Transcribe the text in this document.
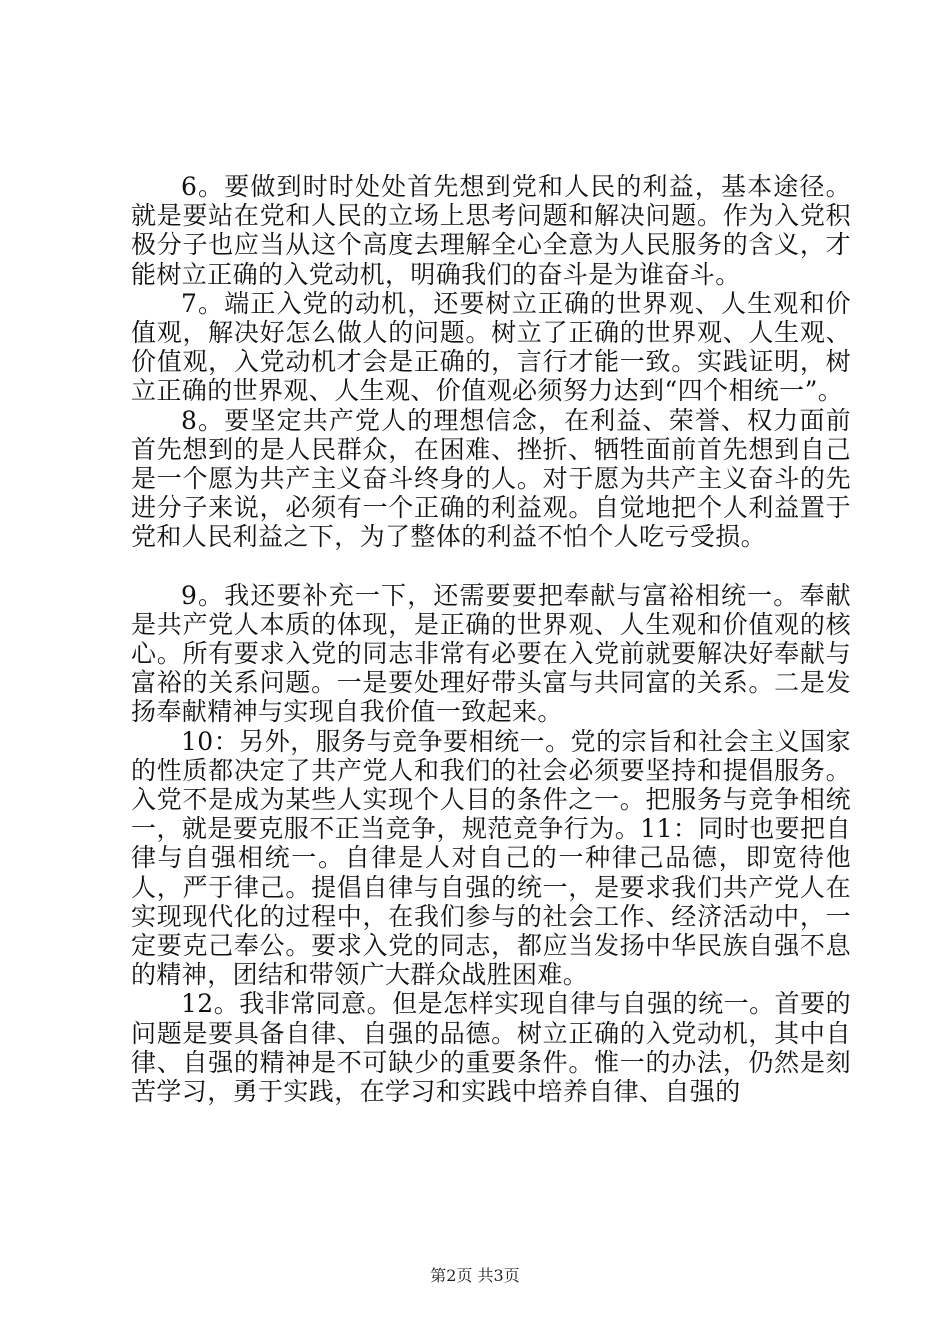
6。要做到时时处处首先想到党和人民的利益，基本途径。就是要站在党和人民的立场上思考问题和解决问题。作为入党积极分子也应当从这个高度去理解全心全意为人民服务的含义，才能树立正确的入党动机，明确我们的奋斗是为谁奋斗。

7。端正入党的动机，还要树立正确的世界观、人生观和价值观，解决好怎么做人的问题。树立了正确的世界观、人生观、价值观，入党动机才会是正确的，言行才能一致。实践证明，树立正确的世界观、人生观、价值观必须努力达到“四个相统一”。

8。要坚定共产党人的理想信念，在利益、荣誉、权力面前首先想到的是人民群众，在困难、挫折、牺牲面前首先想到自己是一个愿为共产主义奋斗终身的人。对于愿为共产主义奋斗的先进分子来说，必须有一个正确的利益观。自觉地把个人利益置于党和人民利益之下，为了整体的利益不怕个人吃亏受损。

9。我还要补充一下，还需要要把奉献与富裕相统一。奉献是共产党人本质的体现，是正确的世界观、人生观和价值观的核心。所有要求入党的同志非常有必要在入党前就要解决好奉献与富裕的关系问题。一是要处理好带头富与共同富的关系。二是发扬奉献精神与实现自我价值一致起来。

10：另外，服务与竞争要相统一。党的宗旨和社会主义国家的性质都决定了共产党人和我们的社会必须要坚持和提倡服务。入党不是成为某些人实现个人目的条件之一。把服务与竞争相统一，就是要克服不正当竞争，规范竞争行为。11：同时也要把自律与自强相统一。自律是人对自己的一种律己品德，即宽待他人，严于律己。提倡自律与自强的统一，是要求我们共产党人在实现现代化的过程中，在我们参与的社会工作、经济活动中，一定要克己奉公。要求入党的同志，都应当发扬中华民族自强不息的精神，团结和带领广大群众战胜困难。

12。我非常同意。但是怎样实现自律与自强的统一。首要的问题是要具备自律、自强的品德。树立正确的入党动机，其中自律、自强的精神是不可缺少的重要条件。惟一的办法，仍然是刻苦学习，勇于实践，在学习和实践中培养自律、自强的

第2页 共3页
